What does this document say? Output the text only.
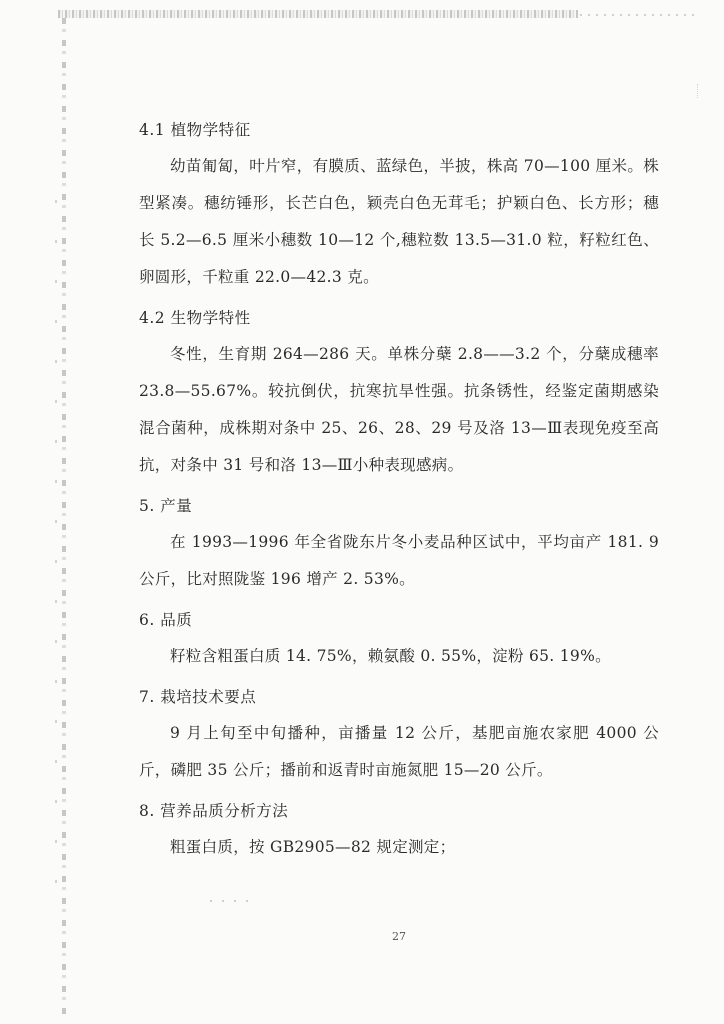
4.1 植物学特征

幼苗匍匐，叶片窄，有膜质、蓝绿色，半披，株高 70—100 厘米。株型紧凑。穗纺锤形，长芒白色，颖壳白色无茸毛；护颖白色、长方形；穗长 5.2—6.5 厘米小穗数 10—12 个,穗粒数 13.5—31.0 粒，籽粒红色、卵圆形，千粒重 22.0—42.3 克。

4.2 生物学特性

冬性，生育期 264—286 天。单株分蘖 2.8——3.2 个，分蘖成穗率 23.8—55.67%。较抗倒伏，抗寒抗旱性强。抗条锈性，经鉴定菌期感染混合菌种，成株期对条中 25、26、28、29 号及洛 13—Ⅲ表现免疫至高抗，对条中 31 号和洛 13—Ⅲ小种表现感病。

5. 产量

在 1993—1996 年全省陇东片冬小麦品种区试中，平均亩产 181. 9 公斤，比对照陇鉴 196 增产 2. 53%。

6. 品质

籽粒含粗蛋白质 14. 75%，赖氨酸 0. 55%，淀粉 65. 19%。

7. 栽培技术要点

9 月上旬至中旬播种，亩播量 12 公斤，基肥亩施农家肥 4000 公斤，磷肥 35 公斤；播前和返青时亩施氮肥 15—20 公斤。

8. 营养品质分析方法

粗蛋白质，按 GB2905—82 规定测定；

27
